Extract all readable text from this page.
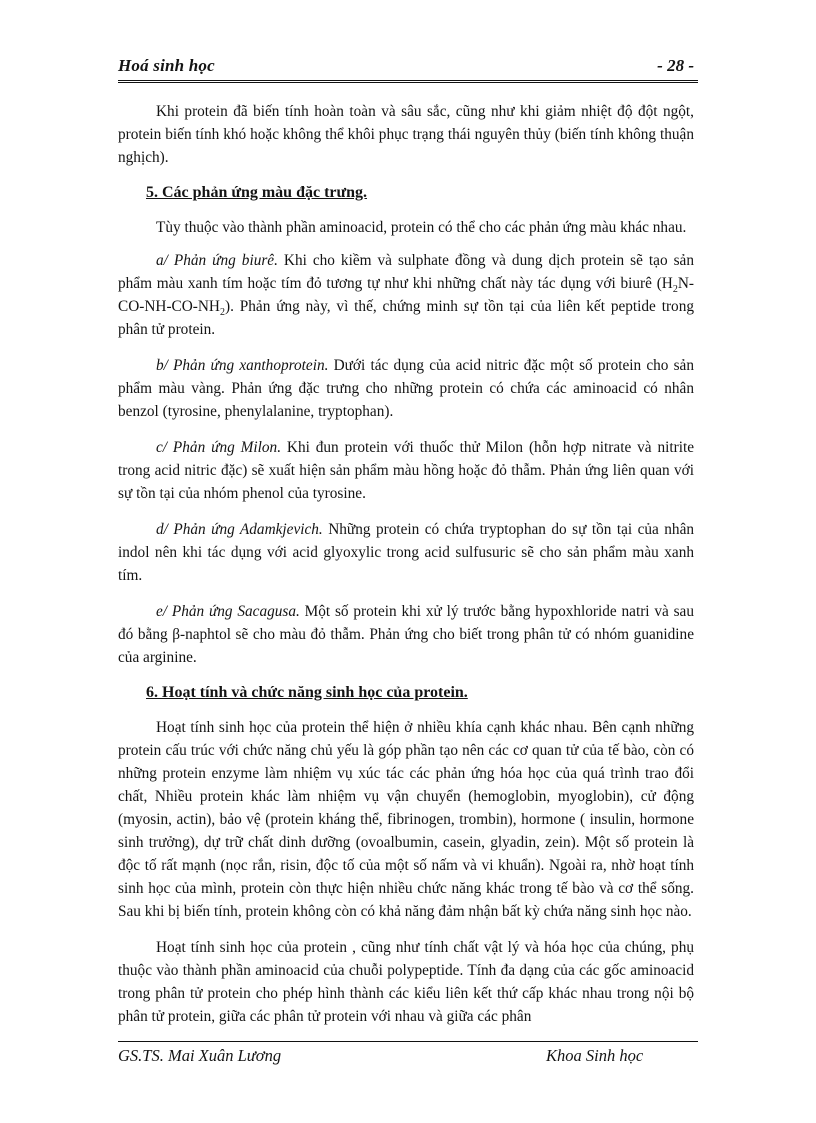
Hoá sinh học	- 28 -

Khi protein đã biến tính hoàn toàn và sâu sắc, cũng như khi giảm nhiệt độ đột ngột, protein biến tính khó hoặc không thể khôi phục trạng thái nguyên thủy (biến tính không thuận nghịch).

5. Các phản ứng màu đặc trưng.

Tùy thuộc vào thành phần aminoacid, protein có thể cho các phản ứng màu khác nhau.

a/ Phản ứng biurê. Khi cho kiềm và sulphate đồng và dung dịch protein sẽ tạo sản phẩm màu xanh tím hoặc tím đỏ tương tự như khi những chất này tác dụng với biurê $(H_2N-CO-NH-CO-NH_2)$. Phản ứng này, vì thế, chứng minh sự tồn tại của liên kết peptide trong phân tử protein.

b/ Phản ứng xanthoprotein. Dưới tác dụng của acid nitric đặc một số protein cho sản phẩm màu vàng. Phản ứng đặc trưng cho những protein có chứa các aminoacid có nhân benzol (tyrosine, phenylalanine, tryptophan).

c/ Phản ứng Milon. Khi đun protein với thuốc thử Milon (hỗn hợp nitrate và nitrite trong acid nitric đặc) sẽ xuất hiện sản phẩm màu hồng hoặc đỏ thẫm. Phản ứng liên quan với sự tồn tại của nhóm phenol của tyrosine.

d/ Phản ứng Adamkjevich. Những protein có chứa tryptophan do sự tồn tại của nhân indol nên khi tác dụng với acid glyoxylic trong acid sulfusuric sẽ cho sản phẩm màu xanh tím.

e/ Phản ứng Sacagusa. Một số protein khi xử lý trước bằng hypoxhloride natri và sau đó bằng β-naphtol sẽ cho màu đỏ thẫm. Phản ứng cho biết trong phân tử có nhóm guanidine của arginine.

6. Hoạt tính và chức năng sinh học của protein.

Hoạt tính sinh học của protein thể hiện ở nhiều khía cạnh khác nhau. Bên cạnh những protein cấu trúc với chức năng chủ yếu là góp phần tạo nên các cơ quan tử của tế bào, còn có những protein enzyme làm nhiệm vụ xúc tác các phản ứng hóa học của quá trình trao đổi chất, Nhiều protein khác làm nhiệm vụ vận chuyển (hemoglobin, myoglobin), cử động (myosin, actin), bảo vệ (protein kháng thể, fibrinogen, trombin), hormone ( insulin, hormone sinh trưởng), dự trữ chất dinh dưỡng (ovoalbumin, casein, glyadin, zein). Một số protein là độc tố rất mạnh (nọc rắn, risin, độc tố của một số nấm và vi khuẩn). Ngoài ra, nhờ hoạt tính sinh học của mình, protein còn thực hiện nhiều chức năng khác trong tế bào và cơ thể sống. Sau khi bị biến tính, protein không còn có khả năng đảm nhận bất kỳ chứa năng sinh học nào.

Hoạt tính sinh học của protein , cũng như tính chất vật lý và hóa học của chúng, phụ thuộc vào thành phần aminoacid của chuỗi polypeptide. Tính đa dạng của các gốc aminoacid trong phân tử protein cho phép hình thành các kiểu liên kết thứ cấp khác nhau trong nội bộ phân tử protein, giữa các phân tử protein với nhau và giữa các phân

GS.TS. Mai Xuân Lương	Khoa Sinh học
